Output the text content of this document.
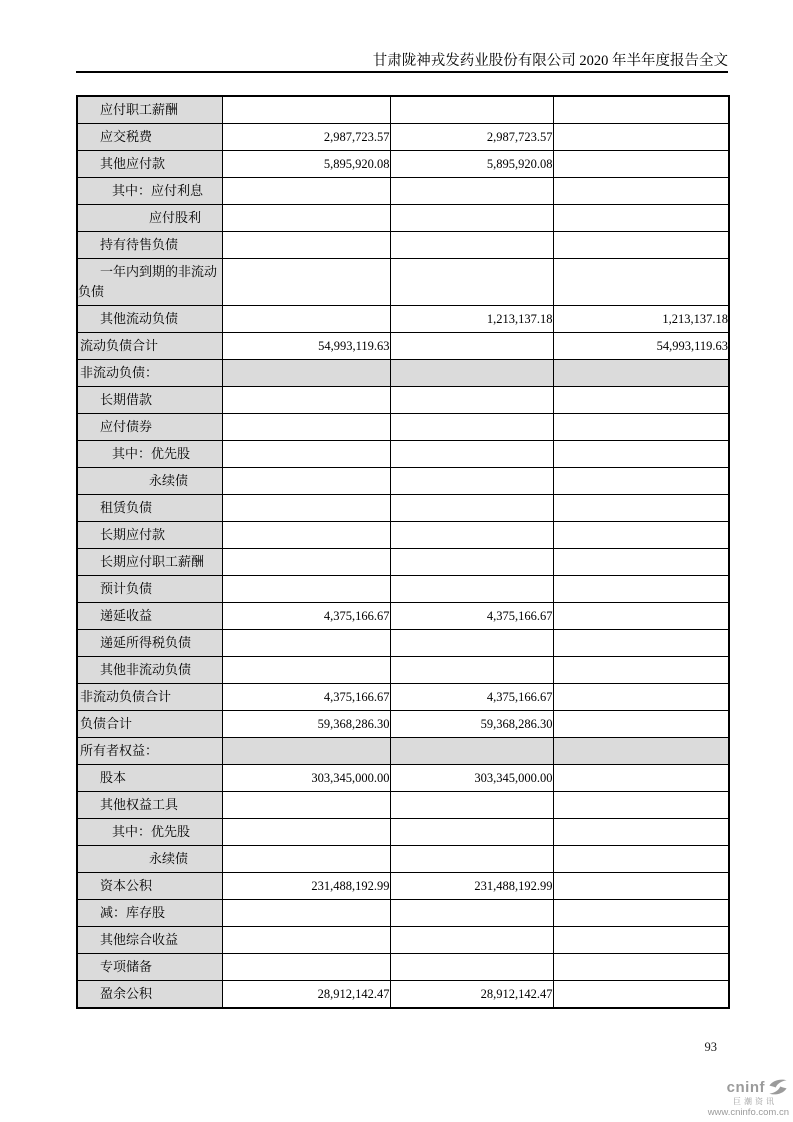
甘肃陇神戎发药业股份有限公司 2020 年半年度报告全文
应付职工薪酬			
应交税费	2,987,723.57	2,987,723.57	
其他应付款	5,895,920.08	5,895,920.08	
其中：应付利息			
应付股利			
持有待售负债			
一年内到期的非流动负债			
其他流动负债		1,213,137.18	1,213,137.18
流动负债合计	54,993,119.63		54,993,119.63
非流动负债：			
长期借款			
应付债券			
其中：优先股			
永续债			
租赁负债			
长期应付款			
长期应付职工薪酬			
预计负债			
递延收益	4,375,166.67	4,375,166.67	
递延所得税负债			
其他非流动负债			
非流动负债合计	4,375,166.67	4,375,166.67	
负债合计	59,368,286.30	59,368,286.30	
所有者权益：			
股本	303,345,000.00	303,345,000.00	
其他权益工具			
其中：优先股			
永续债			
资本公积	231,488,192.99	231,488,192.99	
减：库存股			
其他综合收益			
专项储备			
盈余公积	28,912,142.47	28,912,142.47	
93
cninf
巨潮资讯
www.cninfo.com.cn
